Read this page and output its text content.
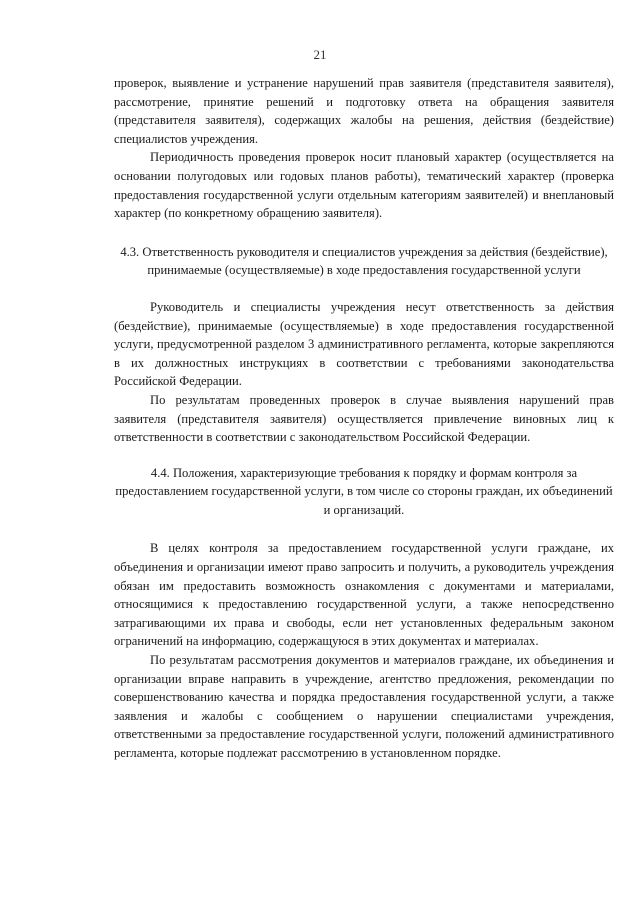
21

проверок, выявление и устранение нарушений прав заявителя (представителя заявителя), рассмотрение, принятие решений и подготовку ответа на обращения заявителя (представителя заявителя), содержащих жалобы на решения, действия (бездействие) специалистов учреждения.

Периодичность проведения проверок носит плановый характер (осуществляется на основании полугодовых или годовых планов работы), тематический характер (проверка предоставления государственной услуги отдельным категориям заявителей) и внеплановый характер (по конкретному обращению заявителя).

4.3. Ответственность руководителя и специалистов учреждения за действия (бездействие), принимаемые (осуществляемые) в ходе предоставления государственной услуги

Руководитель и специалисты учреждения несут ответственность за действия (бездействие), принимаемые (осуществляемые) в ходе предоставления государственной услуги, предусмотренной разделом 3 административного регламента, которые закрепляются в их должностных инструкциях в соответствии с требованиями законодательства Российской Федерации.

По результатам проведенных проверок в случае выявления нарушений прав заявителя (представителя заявителя) осуществляется привлечение виновных лиц к ответственности в соответствии с законодательством Российской Федерации.

4.4. Положения, характеризующие требования к порядку и формам контроля за предоставлением государственной услуги, в том числе со стороны граждан, их объединений и организаций.

В целях контроля за предоставлением государственной услуги граждане, их объединения и организации имеют право запросить и получить, а руководитель учреждения обязан им предоставить возможность ознакомления с документами и материалами, относящимися к предоставлению государственной услуги, а также непосредственно затрагивающими их права и свободы, если нет установленных федеральным законом ограничений на информацию, содержащуюся в этих документах и материалах.

По результатам рассмотрения документов и материалов граждане, их объединения и организации вправе направить в учреждение, агентство предложения, рекомендации по совершенствованию качества и порядка предоставления государственной услуги, а также заявления и жалобы с сообщением о нарушении специалистами учреждения, ответственными за предоставление государственной услуги, положений административного регламента, которые подлежат рассмотрению в установленном порядке.
